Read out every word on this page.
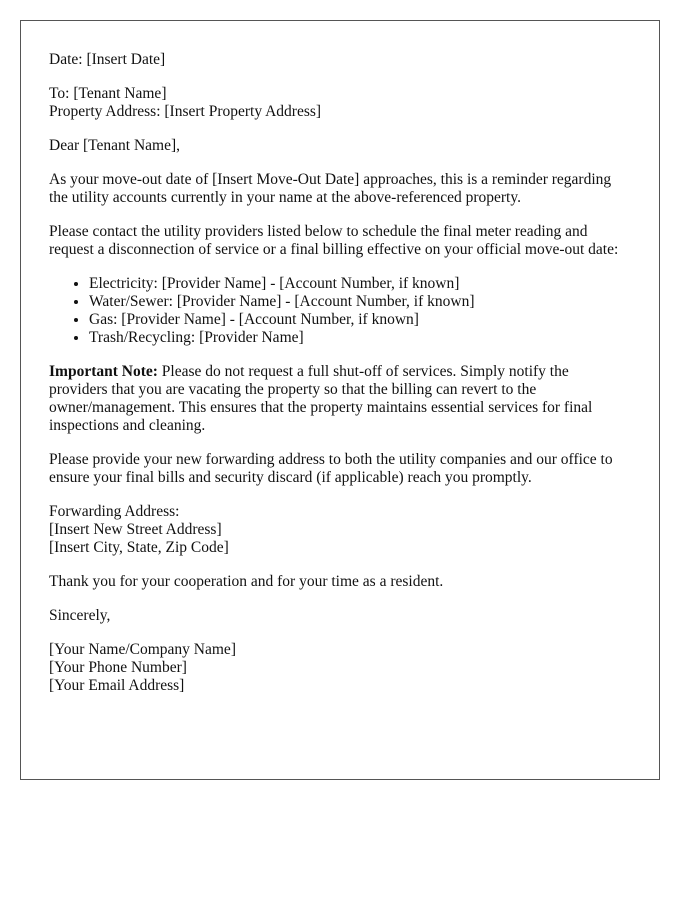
Date: [Insert Date]

To: [Tenant Name]
Property Address: [Insert Property Address]

Dear [Tenant Name],

As your move-out date of [Insert Move-Out Date] approaches, this is a reminder regarding the utility accounts currently in your name at the above-referenced property.

Please contact the utility providers listed below to schedule the final meter reading and request a disconnection of service or a final billing effective on your official move-out date:

• Electricity: [Provider Name] - [Account Number, if known]
• Water/Sewer: [Provider Name] - [Account Number, if known]
• Gas: [Provider Name] - [Account Number, if known]
• Trash/Recycling: [Provider Name]

Important Note: Please do not request a full shut-off of services. Simply notify the providers that you are vacating the property so that the billing can revert to the owner/management. This ensures that the property maintains essential services for final inspections and cleaning.

Please provide your new forwarding address to both the utility companies and our office to ensure your final bills and security discard (if applicable) reach you promptly.

Forwarding Address:
[Insert New Street Address]
[Insert City, State, Zip Code]

Thank you for your cooperation and for your time as a resident.

Sincerely,

[Your Name/Company Name]
[Your Phone Number]
[Your Email Address]
